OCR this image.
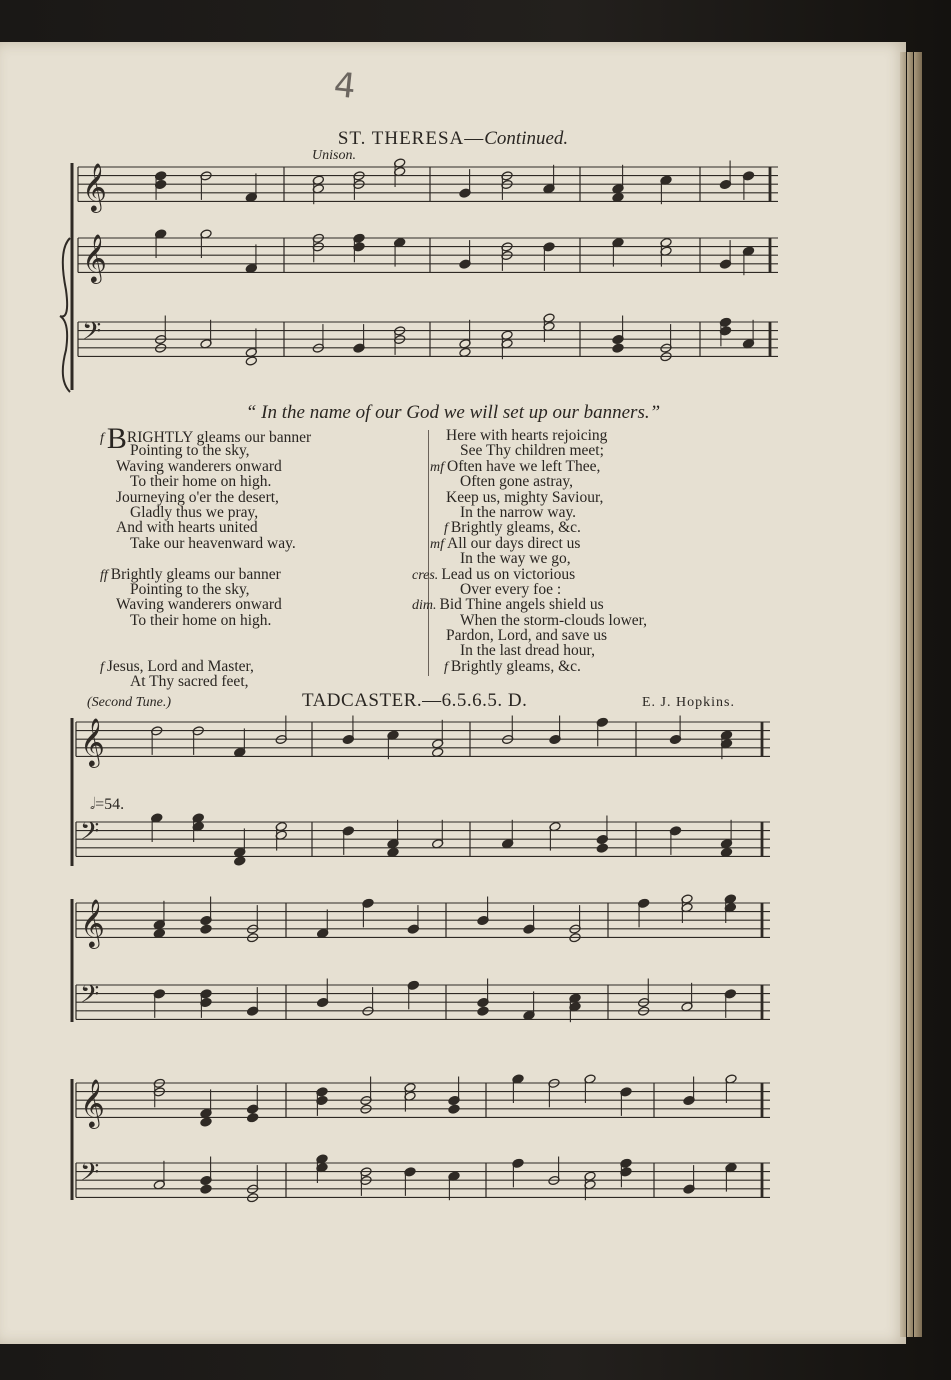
4
ST. THERESA—Continued.
Unison.
𝄞
𝄞
𝄢
𝄞
𝄢
𝄞
𝄢
𝄞
𝄢
“ In the name of our God we will set up our banners.”
f BRIGHTLY gleams our banner
Pointing to the sky,
Waving wanderers onward
To their home on high.
Journeying o'er the desert,
Gladly thus we pray,
And with hearts united
Take our heavenward way.
ff Brightly gleams our banner
Pointing to the sky,
Waving wanderers onward
To their home on high.
f Jesus, Lord and Master,
At Thy sacred feet,
Here with hearts rejoicing
See Thy children meet;
mf Often have we left Thee,
Often gone astray,
Keep us, mighty Saviour,
In the narrow way.
f Brightly gleams, &c.
mf All our days direct us
In the way we go,
cres. Lead us on victorious
Over every foe :
dim. Bid Thine angels shield us
When the storm-clouds lower,
Pardon, Lord, and save us
In the last dread hour,
f Brightly gleams, &c.
(Second Tune.)	TADCASTER.—6.5.6.5. D.	E. J. Hopkins.
𝅗𝅥=54.
